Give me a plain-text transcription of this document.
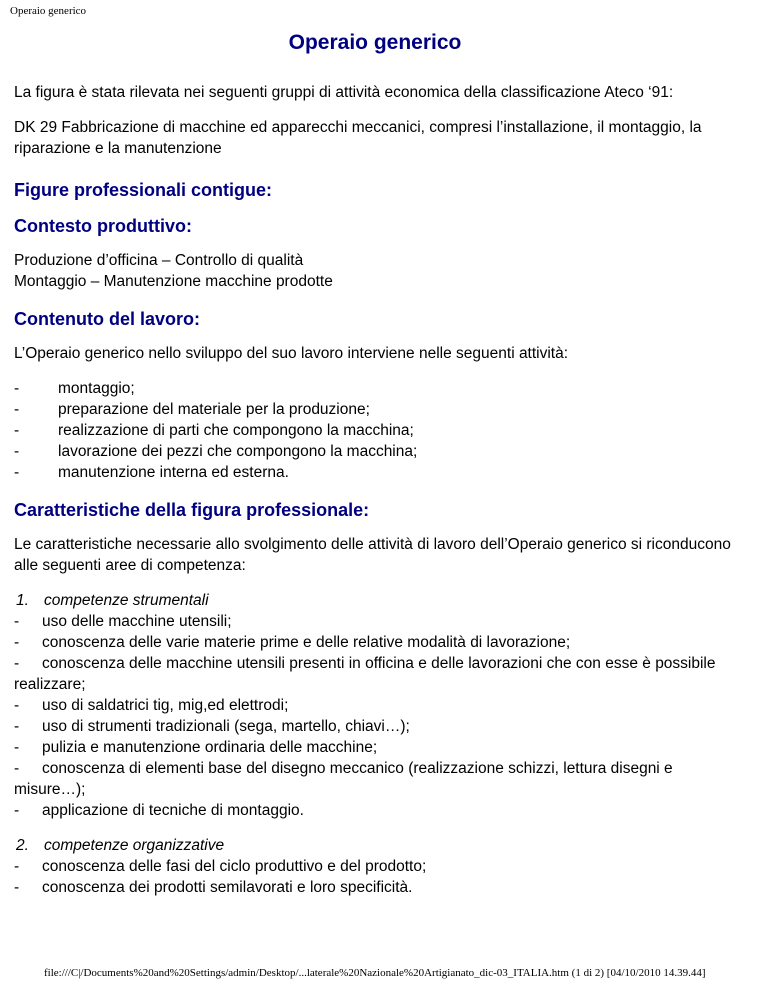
Operaio generico
Operaio generico

La figura è stata rilevata nei seguenti gruppi di attività economica della classificazione Ateco ‘91:

DK 29 Fabbricazione di macchine ed apparecchi meccanici, compresi l’installazione, il montaggio, la riparazione e la manutenzione

Figure professionali contigue:
Contesto produttivo:
Produzione d’officina – Controllo di qualità
Montaggio – Manutenzione macchine prodotte
Contenuto del lavoro:

L’Operaio generico nello sviluppo del suo lavoro interviene nelle seguenti attività:

-	montaggio;
-	preparazione del materiale per la produzione;
-	realizzazione di parti che compongono la macchina;
-	lavorazione dei pezzi che compongono la macchina;
-	manutenzione interna ed esterna.
Caratteristiche della figura professionale:

Le caratteristiche necessarie allo svolgimento delle attività di lavoro dell’Operaio generico si riconducono alle seguenti aree di competenza:

1. competenze strumentali
- uso delle macchine utensili;
- conoscenza delle varie materie prime e delle relative modalità di lavorazione;
- conoscenza delle macchine utensili presenti in officina e delle lavorazioni che con esse è possibile realizzare;
- uso di saldatrici tig, mig,ed elettrodi;
- uso di strumenti tradizionali (sega, martello, chiavi…);
- pulizia e manutenzione ordinaria delle macchine;
- conoscenza di elementi base del disegno meccanico (realizzazione schizzi, lettura disegni e misure…);
- applicazione di tecniche di montaggio.
2. competenze organizzative
- conoscenza delle fasi del ciclo produttivo e del prodotto;
- conoscenza dei prodotti semilavorati e loro specificità.
file:///C|/Documents%20and%20Settings/admin/Desktop/...laterale%20Nazionale%20Artigianato_dic-03_ITALIA.htm (1 di 2) [04/10/2010 14.39.44]
